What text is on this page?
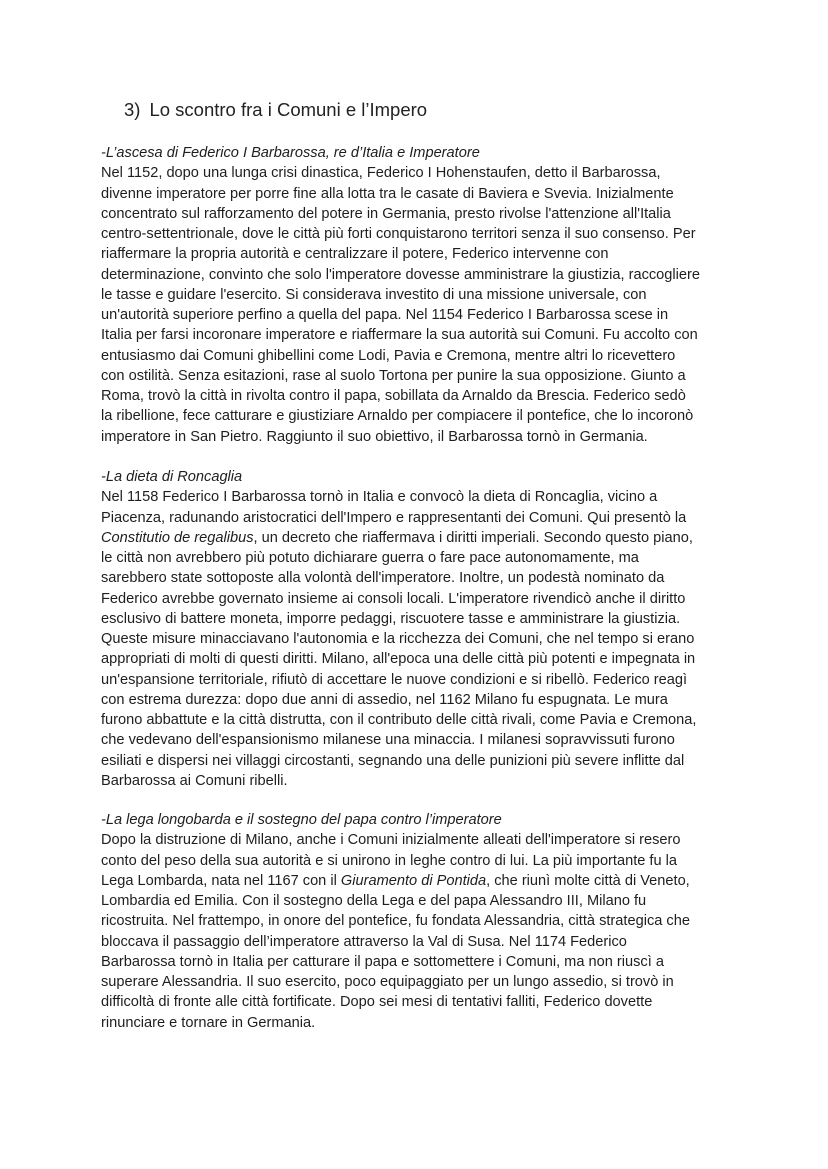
3) Lo scontro fra i Comuni e l’Impero
-L’ascesa di Federico I Barbarossa, re d’Italia e Imperatore
Nel 1152, dopo una lunga crisi dinastica, Federico I Hohenstaufen, detto il Barbarossa,
divenne imperatore per porre fine alla lotta tra le casate di Baviera e Svevia. Inizialmente
concentrato sul rafforzamento del potere in Germania, presto rivolse l'attenzione all'Italia
centro-settentrionale, dove le città più forti conquistarono territori senza il suo consenso. Per
riaffermare la propria autorità e centralizzare il potere, Federico intervenne con
determinazione, convinto che solo l'imperatore dovesse amministrare la giustizia, raccogliere
le tasse e guidare l'esercito. Si considerava investito di una missione universale, con
un'autorità superiore perfino a quella del papa. Nel 1154 Federico I Barbarossa scese in
Italia per farsi incoronare imperatore e riaffermare la sua autorità sui Comuni. Fu accolto con
entusiasmo dai Comuni ghibellini come Lodi, Pavia e Cremona, mentre altri lo ricevettero
con ostilità. Senza esitazioni, rase al suolo Tortona per punire la sua opposizione. Giunto a
Roma, trovò la città in rivolta contro il papa, sobillata da Arnaldo da Brescia. Federico sedò
la ribellione, fece catturare e giustiziare Arnaldo per compiacere il pontefice, che lo incoronò
imperatore in San Pietro. Raggiunto il suo obiettivo, il Barbarossa tornò in Germania.
-La dieta di Roncaglia
Nel 1158 Federico I Barbarossa tornò in Italia e convocò la dieta di Roncaglia, vicino a
Piacenza, radunando aristocratici dell'Impero e rappresentanti dei Comuni. Qui presentò la
Constitutio de regalibus, un decreto che riaffermava i diritti imperiali. Secondo questo piano,
le città non avrebbero più potuto dichiarare guerra o fare pace autonomamente, ma
sarebbero state sottoposte alla volontà dell'imperatore. Inoltre, un podestà nominato da
Federico avrebbe governato insieme ai consoli locali. L'imperatore rivendicò anche il diritto
esclusivo di battere moneta, imporre pedaggi, riscuotere tasse e amministrare la giustizia.
Queste misure minacciavano l'autonomia e la ricchezza dei Comuni, che nel tempo si erano
appropriati di molti di questi diritti. Milano, all'epoca una delle città più potenti e impegnata in
un'espansione territoriale, rifiutò di accettare le nuove condizioni e si ribellò. Federico reagì
con estrema durezza: dopo due anni di assedio, nel 1162 Milano fu espugnata. Le mura
furono abbattute e la città distrutta, con il contributo delle città rivali, come Pavia e Cremona,
che vedevano dell'espansionismo milanese una minaccia. I milanesi sopravvissuti furono
esiliati e dispersi nei villaggi circostanti, segnando una delle punizioni più severe inflitte dal
Barbarossa ai Comuni ribelli.
-La lega longobarda e il sostegno del papa contro l’imperatore
Dopo la distruzione di Milano, anche i Comuni inizialmente alleati dell'imperatore si resero
conto del peso della sua autorità e si unirono in leghe contro di lui. La più importante fu la
Lega Lombarda, nata nel 1167 con il Giuramento di Pontida, che riunì molte città di Veneto,
Lombardia ed Emilia. Con il sostegno della Lega e del papa Alessandro III, Milano fu
ricostruita. Nel frattempo, in onore del pontefice, fu fondata Alessandria, città strategica che
bloccava il passaggio dell’imperatore attraverso la Val di Susa. Nel 1174 Federico
Barbarossa tornò in Italia per catturare il papa e sottomettere i Comuni, ma non riuscì a
superare Alessandria. Il suo esercito, poco equipaggiato per un lungo assedio, si trovò in
difficoltà di fronte alle città fortificate. Dopo sei mesi di tentativi falliti, Federico dovette
rinunciare e tornare in Germania.
